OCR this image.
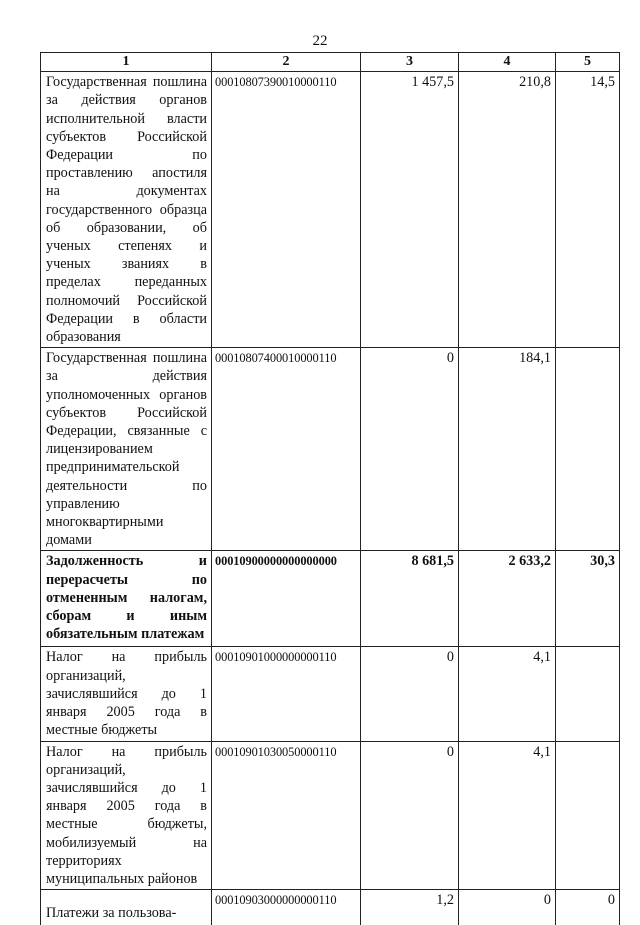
22
1	2	3	4	5
Государственная пошлина за действия органов исполнительной власти субъектов Российской Федерации по проставлению апостиля на документах государственного образца об образовании, об ученых степенях и ученых званиях в пределах переданных полномочий Российской Федерации в области образования	00010807390010000110	1 457,5	210,8	14,5
Государственная пошлина за действия уполномоченных органов субъектов Российской Федерации, связанные с лицензированием предпринимательской деятельности по управлению многоквартирными домами	00010807400010000110	0	184,1	
Задолженность и перерасчеты по отмененным налогам, сборам и иным обязательным платежам	00010900000000000000	8 681,5	2 633,2	30,3
Налог на прибыль организаций, зачислявшийся до 1 января 2005 года в местные бюджеты	00010901000000000110	0	4,1	
Налог на прибыль организаций, зачислявшийся до 1 января 2005 года в местные бюджеты, мобилизуемый на территориях муниципальных районов	00010901030050000110	0	4,1	
Платежи за пользова-	00010903000000000110	1,2	0	0
